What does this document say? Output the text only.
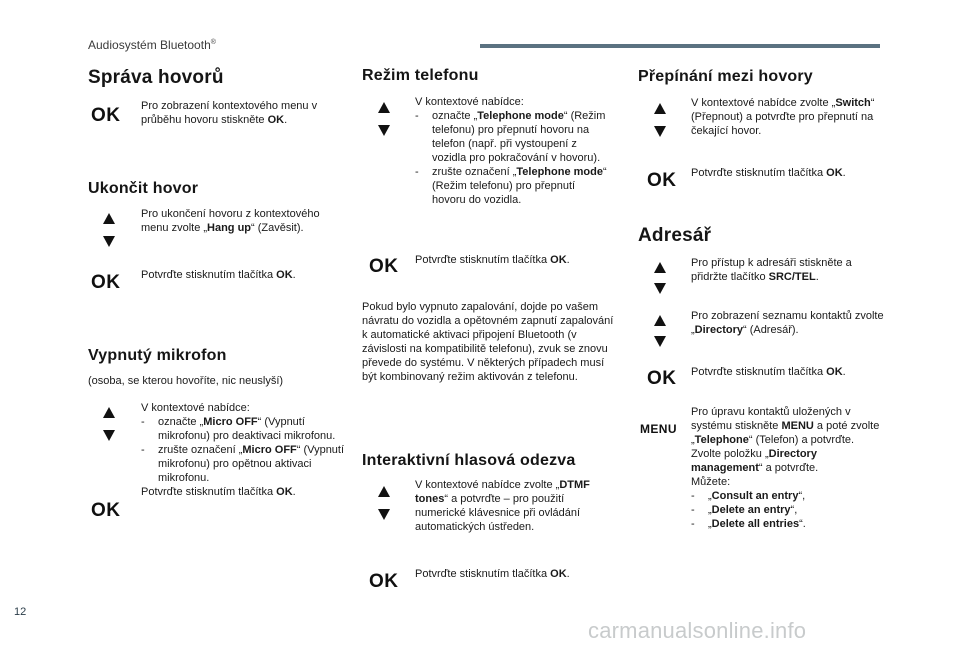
Audiosystém Bluetooth®
Správa hovorů
OK Pro zobrazení kontextového menu v průběhu hovoru stiskněte OK.
Ukončit hovor
Pro ukončení hovoru z kontextového menu zvolte „Hang up“ (Zavěsit).
OK Potvrďte stisknutím tlačítka OK.
Vypnutý mikrofon
(osoba, se kterou hovoříte, nic neuslyší)
V kontextové nabídce:
- označte „Micro OFF“ (Vypnutí mikrofonu) pro deaktivaci mikrofonu.
- zrušte označení „Micro OFF“ (Vypnutí mikrofonu) pro opětnou aktivaci mikrofonu.
Potvrďte stisknutím tlačítka OK.
OK
Režim telefonu
V kontextové nabídce:
- označte „Telephone mode“ (Režim telefonu) pro přepnutí hovoru na telefon (např. při vystoupení z vozidla pro pokračování v hovoru).
- zrušte označení „Telephone mode“ (Režim telefonu) pro přepnutí hovoru do vozidla.
OK Potvrďte stisknutím tlačítka OK.
Pokud bylo vypnuto zapalování, dojde po vašem návratu do vozidla a opětovném zapnutí zapalování k automatické aktivaci připojení Bluetooth (v závislosti na kompatibilitě telefonu), zvuk se znovu převede do systému. V některých případech musí být kombinovaný režim aktivován z telefonu.
Interaktivní hlasová odezva
V kontextové nabídce zvolte „DTMF tones“ a potvrďte – pro použití numerické klávesnice při ovládání automatických ústředen.
OK Potvrďte stisknutím tlačítka OK.
Přepínání mezi hovory
V kontextové nabídce zvolte „Switch“ (Přepnout) a potvrďte pro přepnutí na čekající hovor.
OK Potvrďte stisknutím tlačítka OK.
Adresář
Pro přístup k adresáři stiskněte a přidržte tlačítko SRC/TEL.
Pro zobrazení seznamu kontaktů zvolte „Directory“ (Adresář).
OK Potvrďte stisknutím tlačítka OK.
MENU
Pro úpravu kontaktů uložených v systému stiskněte MENU a poté zvolte „Telephone“ (Telefon) a potvrďte.
Zvolte položku „Directory management“ a potvrďte.
Můžete:
- „Consult an entry“,
- „Delete an entry“,
- „Delete all entries“.
12
carmanualsonline.info
